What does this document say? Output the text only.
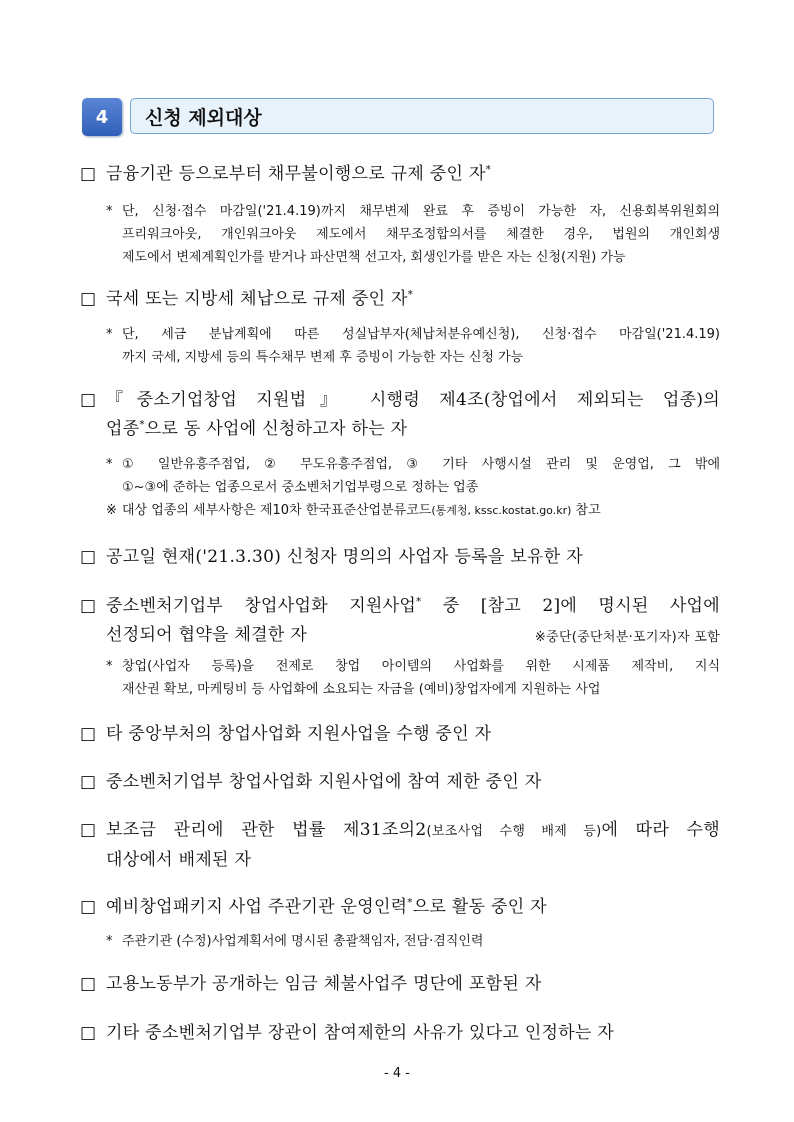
4	신청 제외대상
□ 금융기관 등으로부터 채무불이행으로 규제 중인 자*
* 단, 신청·접수 마감일('21.4.19)까지 채무변제 완료 후 증빙이 가능한 자, 신용회복위원회의
프리워크아웃, 개인워크아웃 제도에서 채무조정합의서를 체결한 경우, 법원의 개인회생
제도에서 변제계획인가를 받거나 파산면책 선고자, 회생인가를 받은 자는 신청(지원) 가능
□ 국세 또는 지방세 체납으로 규제 중인 자*
* 단, 세금 분납계획에 따른 성실납부자(체납처분유예신청), 신청·접수 마감일('21.4.19)
까지 국세, 지방세 등의 특수채무 변제 후 증빙이 가능한 자는 신청 가능
□ 『중소기업창업 지원법』 시행령 제4조(창업에서 제외되는 업종)의
업종*으로 동 사업에 신청하고자 하는 자
* ① 일반유흥주점업, ② 무도유흥주점업, ③ 기타 사행시설 관리 및 운영업, 그 밖에
①~③에 준하는 업종으로서 중소벤처기업부령으로 정하는 업종
※ 대상 업종의 세부사항은 제10차 한국표준산업분류코드(통계청, kssc.kostat.go.kr) 참고
□ 공고일 현재('21.3.30) 신청자 명의의 사업자 등록을 보유한 자
□ 중소벤처기업부 창업사업화 지원사업* 중 [참고 2]에 명시된 사업에
선정되어 협약을 체결한 자	※중단(중단처분·포기자)자 포함
* 창업(사업자 등록)을 전제로 창업 아이템의 사업화를 위한 시제품 제작비, 지식
재산권 확보, 마케팅비 등 사업화에 소요되는 자금을 (예비)창업자에게 지원하는 사업
□ 타 중앙부처의 창업사업화 지원사업을 수행 중인 자
□ 중소벤처기업부 창업사업화 지원사업에 참여 제한 중인 자
□ 보조금 관리에 관한 법률 제31조의2(보조사업 수행 배제 등)에 따라 수행
대상에서 배제된 자
□ 예비창업패키지 사업 주관기관 운영인력*으로 활동 중인 자
* 주관기관 (수정)사업계획서에 명시된 총괄책임자, 전담·겸직인력
□ 고용노동부가 공개하는 임금 체불사업주 명단에 포함된 자
□ 기타 중소벤처기업부 장관이 참여제한의 사유가 있다고 인정하는 자
- 4 -
